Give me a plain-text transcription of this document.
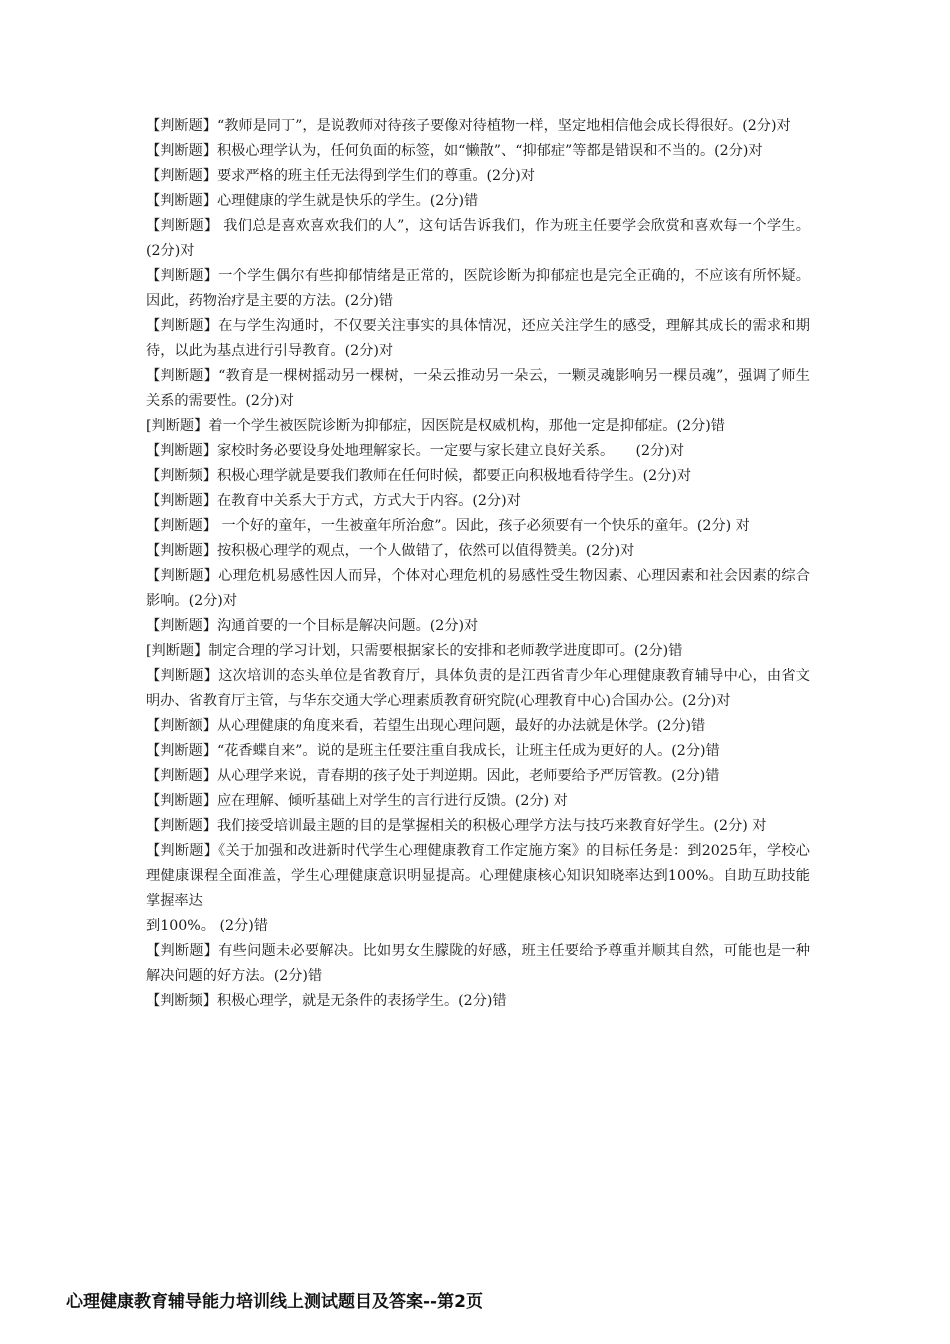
【判断题】“教师是同丁”，是说教师对待孩子要像对待植物一样，坚定地相信他会成长得很好。(2分)对

【判断题】积极心理学认为，任何负面的标签，如“懒散”、“抑郁症”等都是错误和不当的。(2分)对

【判断题】要求严格的班主任无法得到学生们的尊重。(2分)对

【判断题】心理健康的学生就是快乐的学生。(2分)错

【判断题】 我们总是喜欢喜欢我们的人”，这句话告诉我们，作为班主任要学会欣赏和喜欢每一个学生。(2分)对

【判断题】一个学生偶尔有些抑郁情绪是正常的，医院诊断为抑郁症也是完全正确的，不应该有所怀疑。因此，药物治疗是主要的方法。(2分)错

【判断题】在与学生沟通时，不仅要关注事实的具体情况，还应关注学生的感受，理解其成长的需求和期待，以此为基点进行引导教育。(2分)对

【判断题】“教育是一棵树摇动另一棵树，一朵云推动另一朵云，一颗灵魂影响另一棵员魂”，强调了师生关系的需要性。(2分)对

[判断题】着一个学生被医院诊断为抑郁症，因医院是权威机构，那他一定是抑郁症。(2分)错

【判断题】家校时务必要设身处地理解家长。一定要与家长建立良好关系。　　(2分)对

【判断频】积极心理学就是要我们教师在任何时候，都要正向积极地看待学生。(2分)对

【判断题】在教育中关系大于方式，方式大于内容。(2分)对

【判断题】 一个好的童年，一生被童年所治愈”。因此，孩子必须要有一个快乐的童年。(2分) 对

【判断题】按积极心理学的观点，一个人做错了，依然可以值得赞美。(2分)对

【判断题】心理危机易感性因人而异，个体对心理危机的易感性受生物因素、心理因素和社会因素的综合影响。(2分)对

【判断题】沟通首要的一个目标是解决问题。(2分)对

[判断题】制定合理的学习计划，只需要根据家长的安排和老师教学进度即可。(2分)错

【判断题】这次培训的态头单位是省教育厅，具体负责的是江西省青少年心理健康教育辅导中心，由省文明办、省教育厅主管，与华东交通大学心理素质教育研究院(心理教育中心)合国办公。(2分)对

【判断额】从心理健康的角度来看，若望生出现心理问题，最好的办法就是休学。(2分)错

【判断题】“花香蝶自来”。说的是班主任要注重自我成长，让班主任成为更好的人。(2分)错

【判断题】从心理学来说，青春期的孩子处于判逆期。因此，老师要给予严厉管教。(2分)错

【判断题】应在理解、倾听基础上对学生的言行进行反馈。(2分) 对

【判断题】我们接受培训最主题的目的是掌握相关的积极心理学方法与技巧来教育好学生。(2分) 对

【判断题】《关于加强和改进新时代学生心理健康教育工作定施方案》的目标任务是：到2025年，学校心理健康课程全面准盖，学生心理健康意识明显提高。心理健康核心知识知晓率达到100%。自助互助技能掌握率达
到100%。 (2分)错

【判断题】有些问题未必要解决。比如男女生朦陇的好感，班主任要给予尊重并顺其自然，可能也是一种解决问题的好方法。(2分)错

【判断频】积极心理学，就是无条件的表扬学生。(2分)错

心理健康教育辅导能力培训线上测试题目及答案--第2页
